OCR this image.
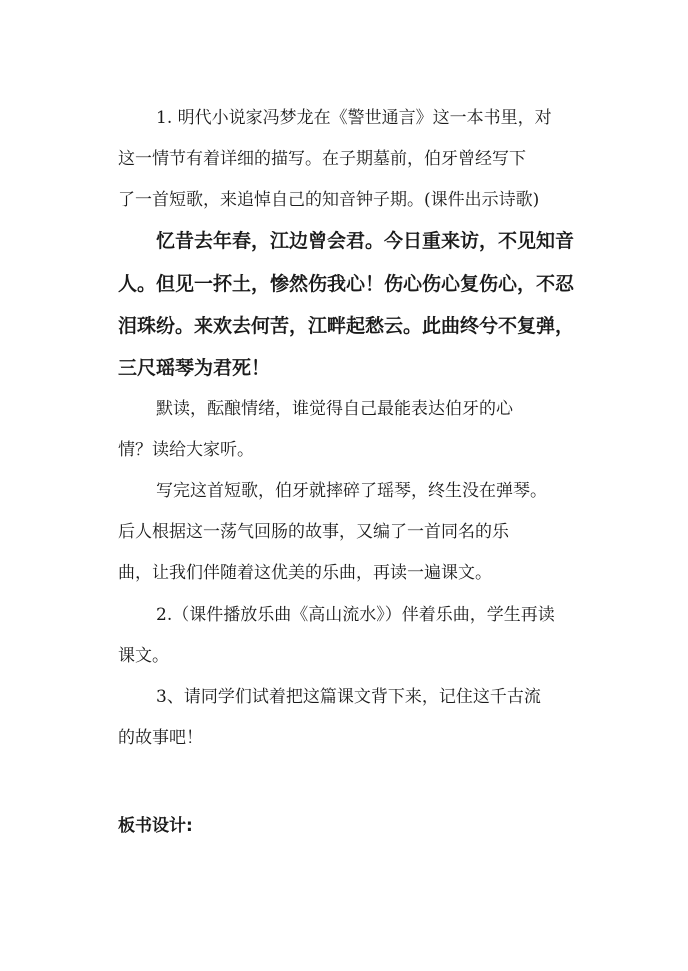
1. 明代小说家冯梦龙在《警世通言》这一本书里，对
这一情节有着详细的描写。在子期墓前，伯牙曾经写下
了一首短歌，来追悼自己的知音钟子期。(课件出示诗歌)
忆昔去年春，江边曾会君。今日重来访，不见知音
人。但见一抔土，惨然伤我心！伤心伤心复伤心，不忍
泪珠纷。来欢去何苦，江畔起愁云。此曲终兮不复弹，
三尺瑶琴为君死！
默读，酝酿情绪，谁觉得自己最能表达伯牙的心
情？读给大家听。
写完这首短歌，伯牙就摔碎了瑶琴，终生没在弹琴。
后人根据这一荡气回肠的故事，又编了一首同名的乐
曲，让我们伴随着这优美的乐曲，再读一遍课文。
2.（课件播放乐曲《高山流水》）伴着乐曲，学生再读
课文。
3、请同学们试着把这篇课文背下来，记住这千古流
的故事吧！
板书设计:
